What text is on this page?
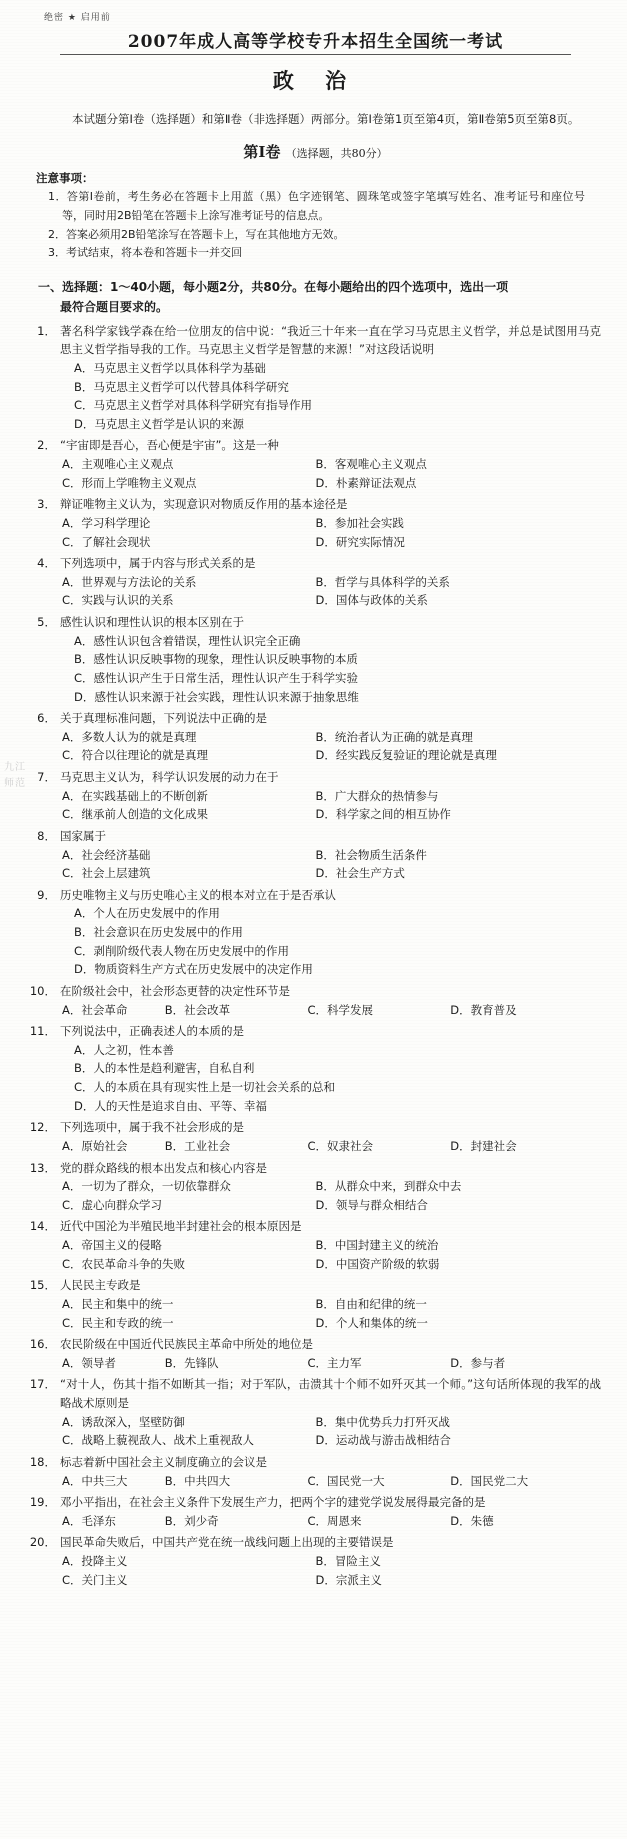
绝密 ★ 启用前
2007年成人高等学校专升本招生全国统一考试
政 治

本试题分第Ⅰ卷（选择题）和第Ⅱ卷（非选择题）两部分。第Ⅰ卷第1页至第4页，第Ⅱ卷第5页至第8页。

第Ⅰ卷 （选择题，共80分）
注意事项：
1．答第Ⅰ卷前，考生务必在答题卡上用蓝（黑）色字迹钢笔、圆珠笔或签字笔填写姓名、准考证号和座位号等，同时用2B铅笔在答题卡上涂写准考证号的信息点。
2．答案必须用2B铅笔涂写在答题卡上，写在其他地方无效。
3．考试结束，将本卷和答题卡一并交回
一、选择题：1～40小题，每小题2分，共80分。在每小题给出的四个选项中，选出一项
最符合题目要求的。
1． 著名科学家钱学森在给一位朋友的信中说：“我近三十年来一直在学习马克思主义哲学，并总是试图用马克思主义哲学指导我的工作。马克思主义哲学是智慧的来源！”对这段话说明
A．马克思主义哲学以具体科学为基础
B．马克思主义哲学可以代替具体科学研究
C．马克思主义哲学对具体科学研究有指导作用
D．马克思主义哲学是认识的来源
2． “宇宙即是吾心，吾心便是宇宙”。这是一种
A．主观唯心主义观点	B．客观唯心主义观点
C．形而上学唯物主义观点	D．朴素辩证法观点
3． 辩证唯物主义认为，实现意识对物质反作用的基本途径是
A．学习科学理论	B．参加社会实践
C．了解社会现状	D．研究实际情况
4． 下列选项中，属于内容与形式关系的是
A．世界观与方法论的关系	B．哲学与具体科学的关系
C．实践与认识的关系	D．国体与政体的关系
5． 感性认识和理性认识的根本区别在于
A．感性认识包含着错误，理性认识完全正确
B．感性认识反映事物的现象，理性认识反映事物的本质
C．感性认识产生于日常生活，理性认识产生于科学实验
D．感性认识来源于社会实践，理性认识来源于抽象思维
6． 关于真理标准问题，下列说法中正确的是
A．多数人认为的就是真理	B．统治者认为正确的就是真理
C．符合以往理论的就是真理	D．经实践反复验证的理论就是真理
7． 马克思主义认为，科学认识发展的动力在于
A．在实践基础上的不断创新	B．广大群众的热情参与
C．继承前人创造的文化成果	D．科学家之间的相互协作
8． 国家属于
A．社会经济基础	B．社会物质生活条件
C．社会上层建筑	D．社会生产方式
9． 历史唯物主义与历史唯心主义的根本对立在于是否承认
A．个人在历史发展中的作用
B．社会意识在历史发展中的作用
C．剥削阶级代表人物在历史发展中的作用
D．物质资料生产方式在历史发展中的决定作用
10． 在阶级社会中，社会形态更替的决定性环节是
A．社会革命	B．社会改革	C．科学发展	D．教育普及
11． 下列说法中，正确表述人的本质的是
A．人之初，性本善
B．人的本性是趋利避害，自私自利
C．人的本质在具有现实性上是一切社会关系的总和
D．人的天性是追求自由、平等、幸福
12． 下列选项中，属于我不社会形成的是
A．原始社会	B．工业社会	C．奴隶社会	D．封建社会
13． 党的群众路线的根本出发点和核心内容是
A．一切为了群众，一切依靠群众	B．从群众中来，到群众中去
C．虚心向群众学习	D．领导与群众相结合
14． 近代中国沦为半殖民地半封建社会的根本原因是
A．帝国主义的侵略	B．中国封建主义的统治
C．农民革命斗争的失败	D．中国资产阶级的软弱
15． 人民民主专政是
A．民主和集中的统一	B．自由和纪律的统一
C．民主和专政的统一	D．个人和集体的统一
16． 农民阶级在中国近代民族民主革命中所处的地位是
A．领导者	B．先锋队	C．主力军	D．参与者
17． “对十人，伤其十指不如断其一指；对于军队，击溃其十个师不如歼灭其一个师。”这句话所体现的我军的战略战术原则是
A．诱敌深入，坚壁防御	B．集中优势兵力打歼灭战
C．战略上藐视敌人、战术上重视敌人	D．运动战与游击战相结合
18． 标志着新中国社会主义制度确立的会议是
A．中共三大	B．中共四大	C．国民党一大	D．国民党二大
19． 邓小平指出，在社会主义条件下发展生产力，把两个字的建党学说发展得最完备的是
A．毛泽东	B．刘少奇	C．周恩来	D．朱德
20． 国民革命失败后，中国共产党在统一战线问题上出现的主要错误是
A．投降主义	B．冒险主义
C．关门主义	D．宗派主义
九江师范
